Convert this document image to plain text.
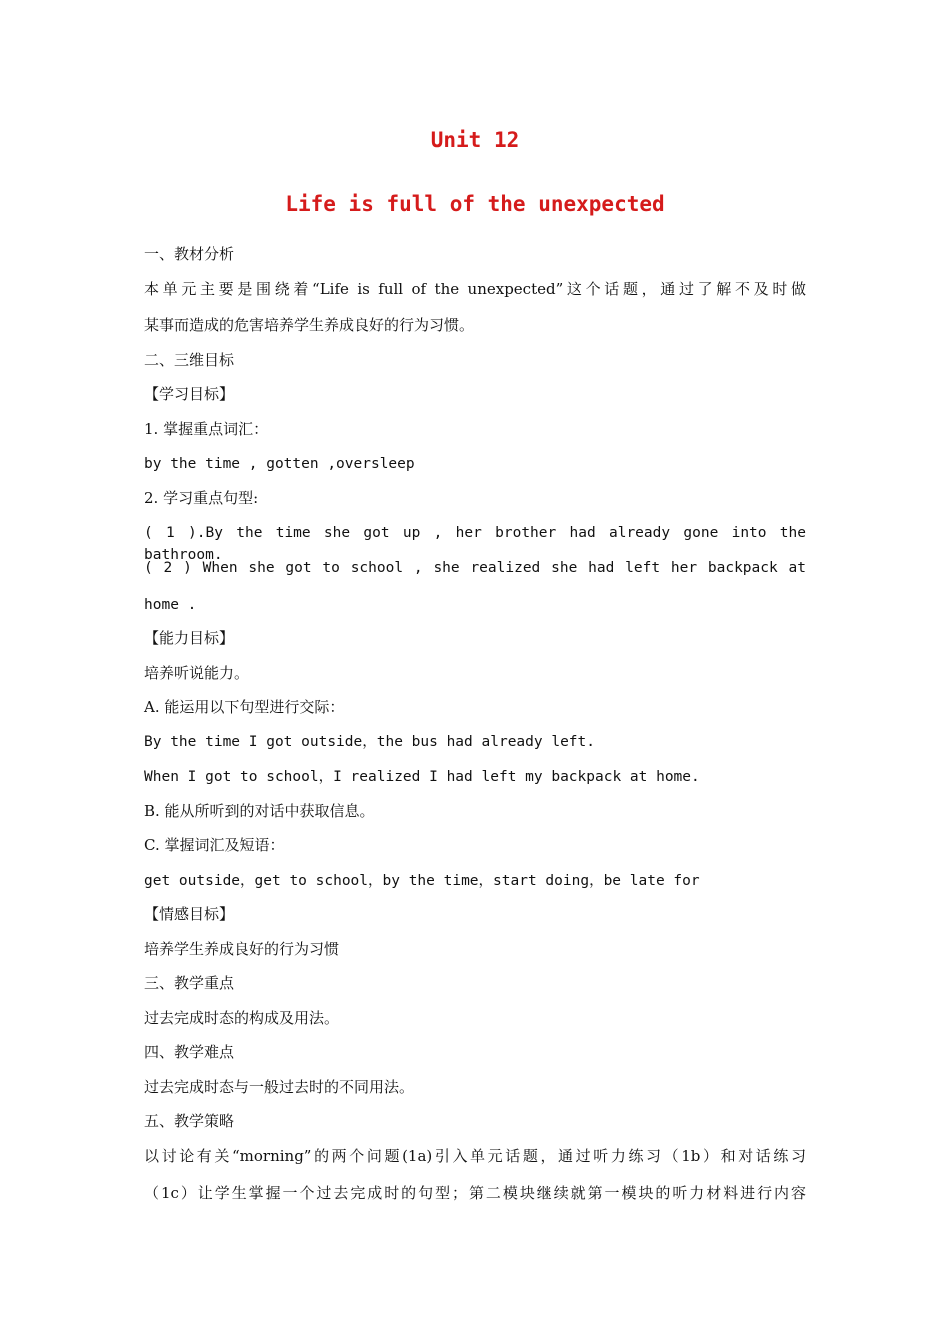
Unit 12
Life is full of the unexpected
一、教材分析
本单元主要是围绕着“Life is full of the unexpected”这个话题，通过了解不及时做
某事而造成的危害培养学生养成良好的行为习惯。
二、三维目标
【学习目标】
1. 掌握重点词汇：
by the time , gotten ,oversleep
2. 学习重点句型:
( 1 ).By the time she got up , her brother had already gone into the bathroom.
( 2 ) When she got to school , she realized she had left her backpack at
home .
【能力目标】
培养听说能力。
A. 能运用以下句型进行交际：
By the time I got outside，the bus had already left.
When I got to school，I realized I had left my backpack at home.
B. 能从所听到的对话中获取信息。
C. 掌握词汇及短语：
get outside，get to school，by the time，start doing，be late for
【情感目标】
培养学生养成良好的行为习惯
三、教学重点
过去完成时态的构成及用法。
四、教学难点
过去完成时态与一般过去时的不同用法。
五、教学策略
以讨论有关“morning”的两个问题(1a)引入单元话题，通过听力练习（1b）和对话练习
（1c）让学生掌握一个过去完成时的句型；第二模块继续就第一模块的听力材料进行内容
